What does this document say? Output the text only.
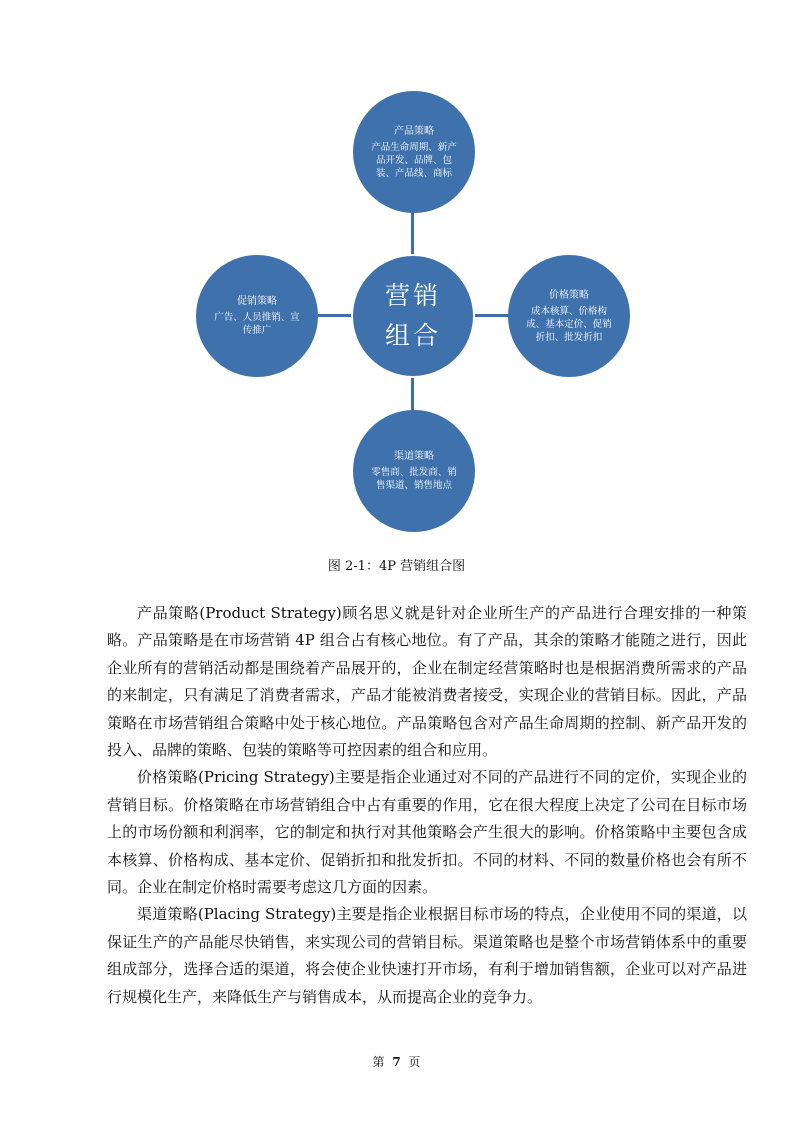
产品策略
产品生命周期、新产品开发、品牌、包装、产品线、商标
价格策略
成本核算、价格构成、基本定价、促销折扣、批发折扣
渠道策略
零售商、批发商、销售渠道、销售地点
促销策略
广告、人员推销、宣传推广
营销
组合
图 2-1：4P 营销组合图

产品策略(Product Strategy)顾名思义就是针对企业所生产的产品进行合理安排的一种策略。产品策略是在市场营销 4P 组合占有核心地位。有了产品，其余的策略才能随之进行，因此企业所有的营销活动都是围绕着产品展开的，企业在制定经营策略时也是根据消费所需求的产品的来制定，只有满足了消费者需求，产品才能被消费者接受，实现企业的营销目标。因此，产品策略在市场营销组合策略中处于核心地位。产品策略包含对产品生命周期的控制、新产品开发的投入、品牌的策略、包装的策略等可控因素的组合和应用。

价格策略(Pricing Strategy)主要是指企业通过对不同的产品进行不同的定价，实现企业的营销目标。价格策略在市场营销组合中占有重要的作用，它在很大程度上决定了公司在目标市场上的市场份额和利润率，它的制定和执行对其他策略会产生很大的影响。价格策略中主要包含成本核算、价格构成、基本定价、促销折扣和批发折扣。不同的材料、不同的数量价格也会有所不同。企业在制定价格时需要考虑这几方面的因素。

渠道策略(Placing Strategy)主要是指企业根据目标市场的特点，企业使用不同的渠道，以保证生产的产品能尽快销售，来实现公司的营销目标。渠道策略也是整个市场营销体系中的重要组成部分，选择合适的渠道，将会使企业快速打开市场，有利于增加销售额，企业可以对产品进行规模化生产，来降低生产与销售成本，从而提高企业的竞争力。

第 7 页
